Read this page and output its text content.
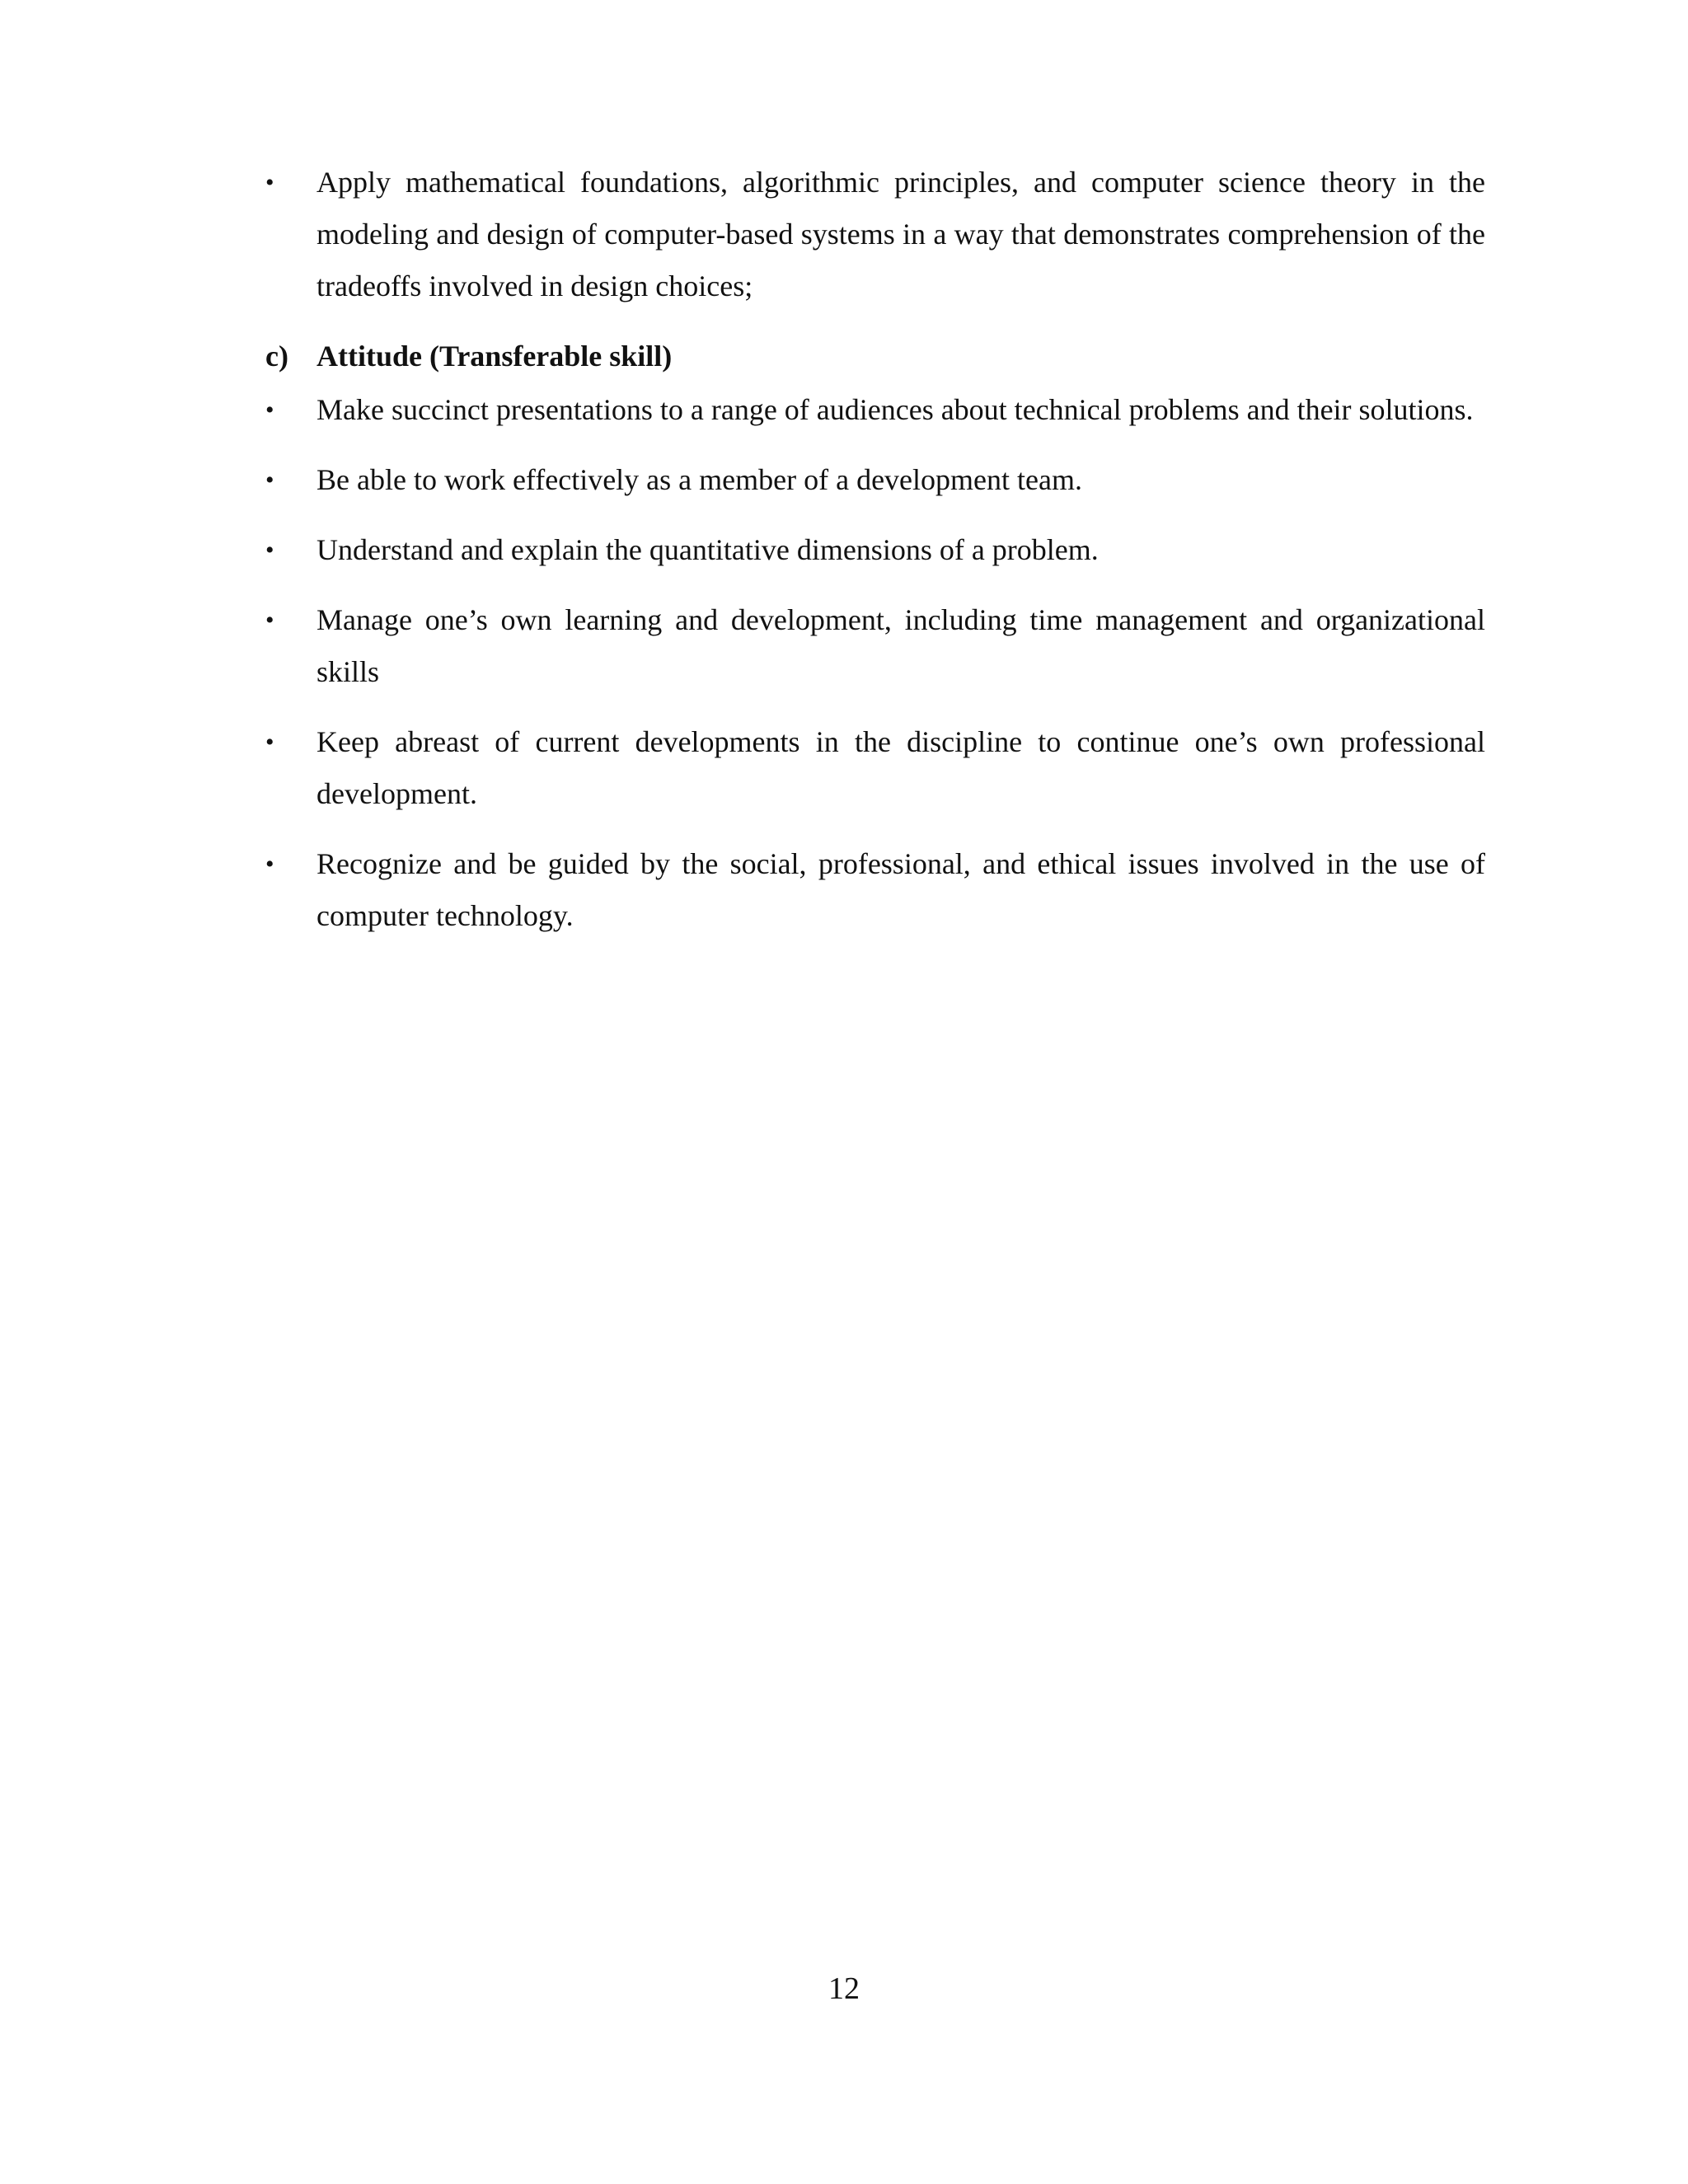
•	Apply mathematical foundations, algorithmic principles, and computer science theory in the modeling and design of computer-based systems in a way that demonstrates comprehension of the tradeoffs involved in design choices;
c) Attitude (Transferable skill)
•	Make succinct presentations to a range of audiences about technical problems and their solutions.
•	Be able to work effectively as a member of a development team.
•	Understand and explain the quantitative dimensions of a problem.
•	Manage one’s own learning and development, including time management and organizational skills
•	Keep abreast of current developments in the discipline to continue one’s own professional development.
•	Recognize and be guided by the social, professional, and ethical issues involved in the use of computer technology.
12
